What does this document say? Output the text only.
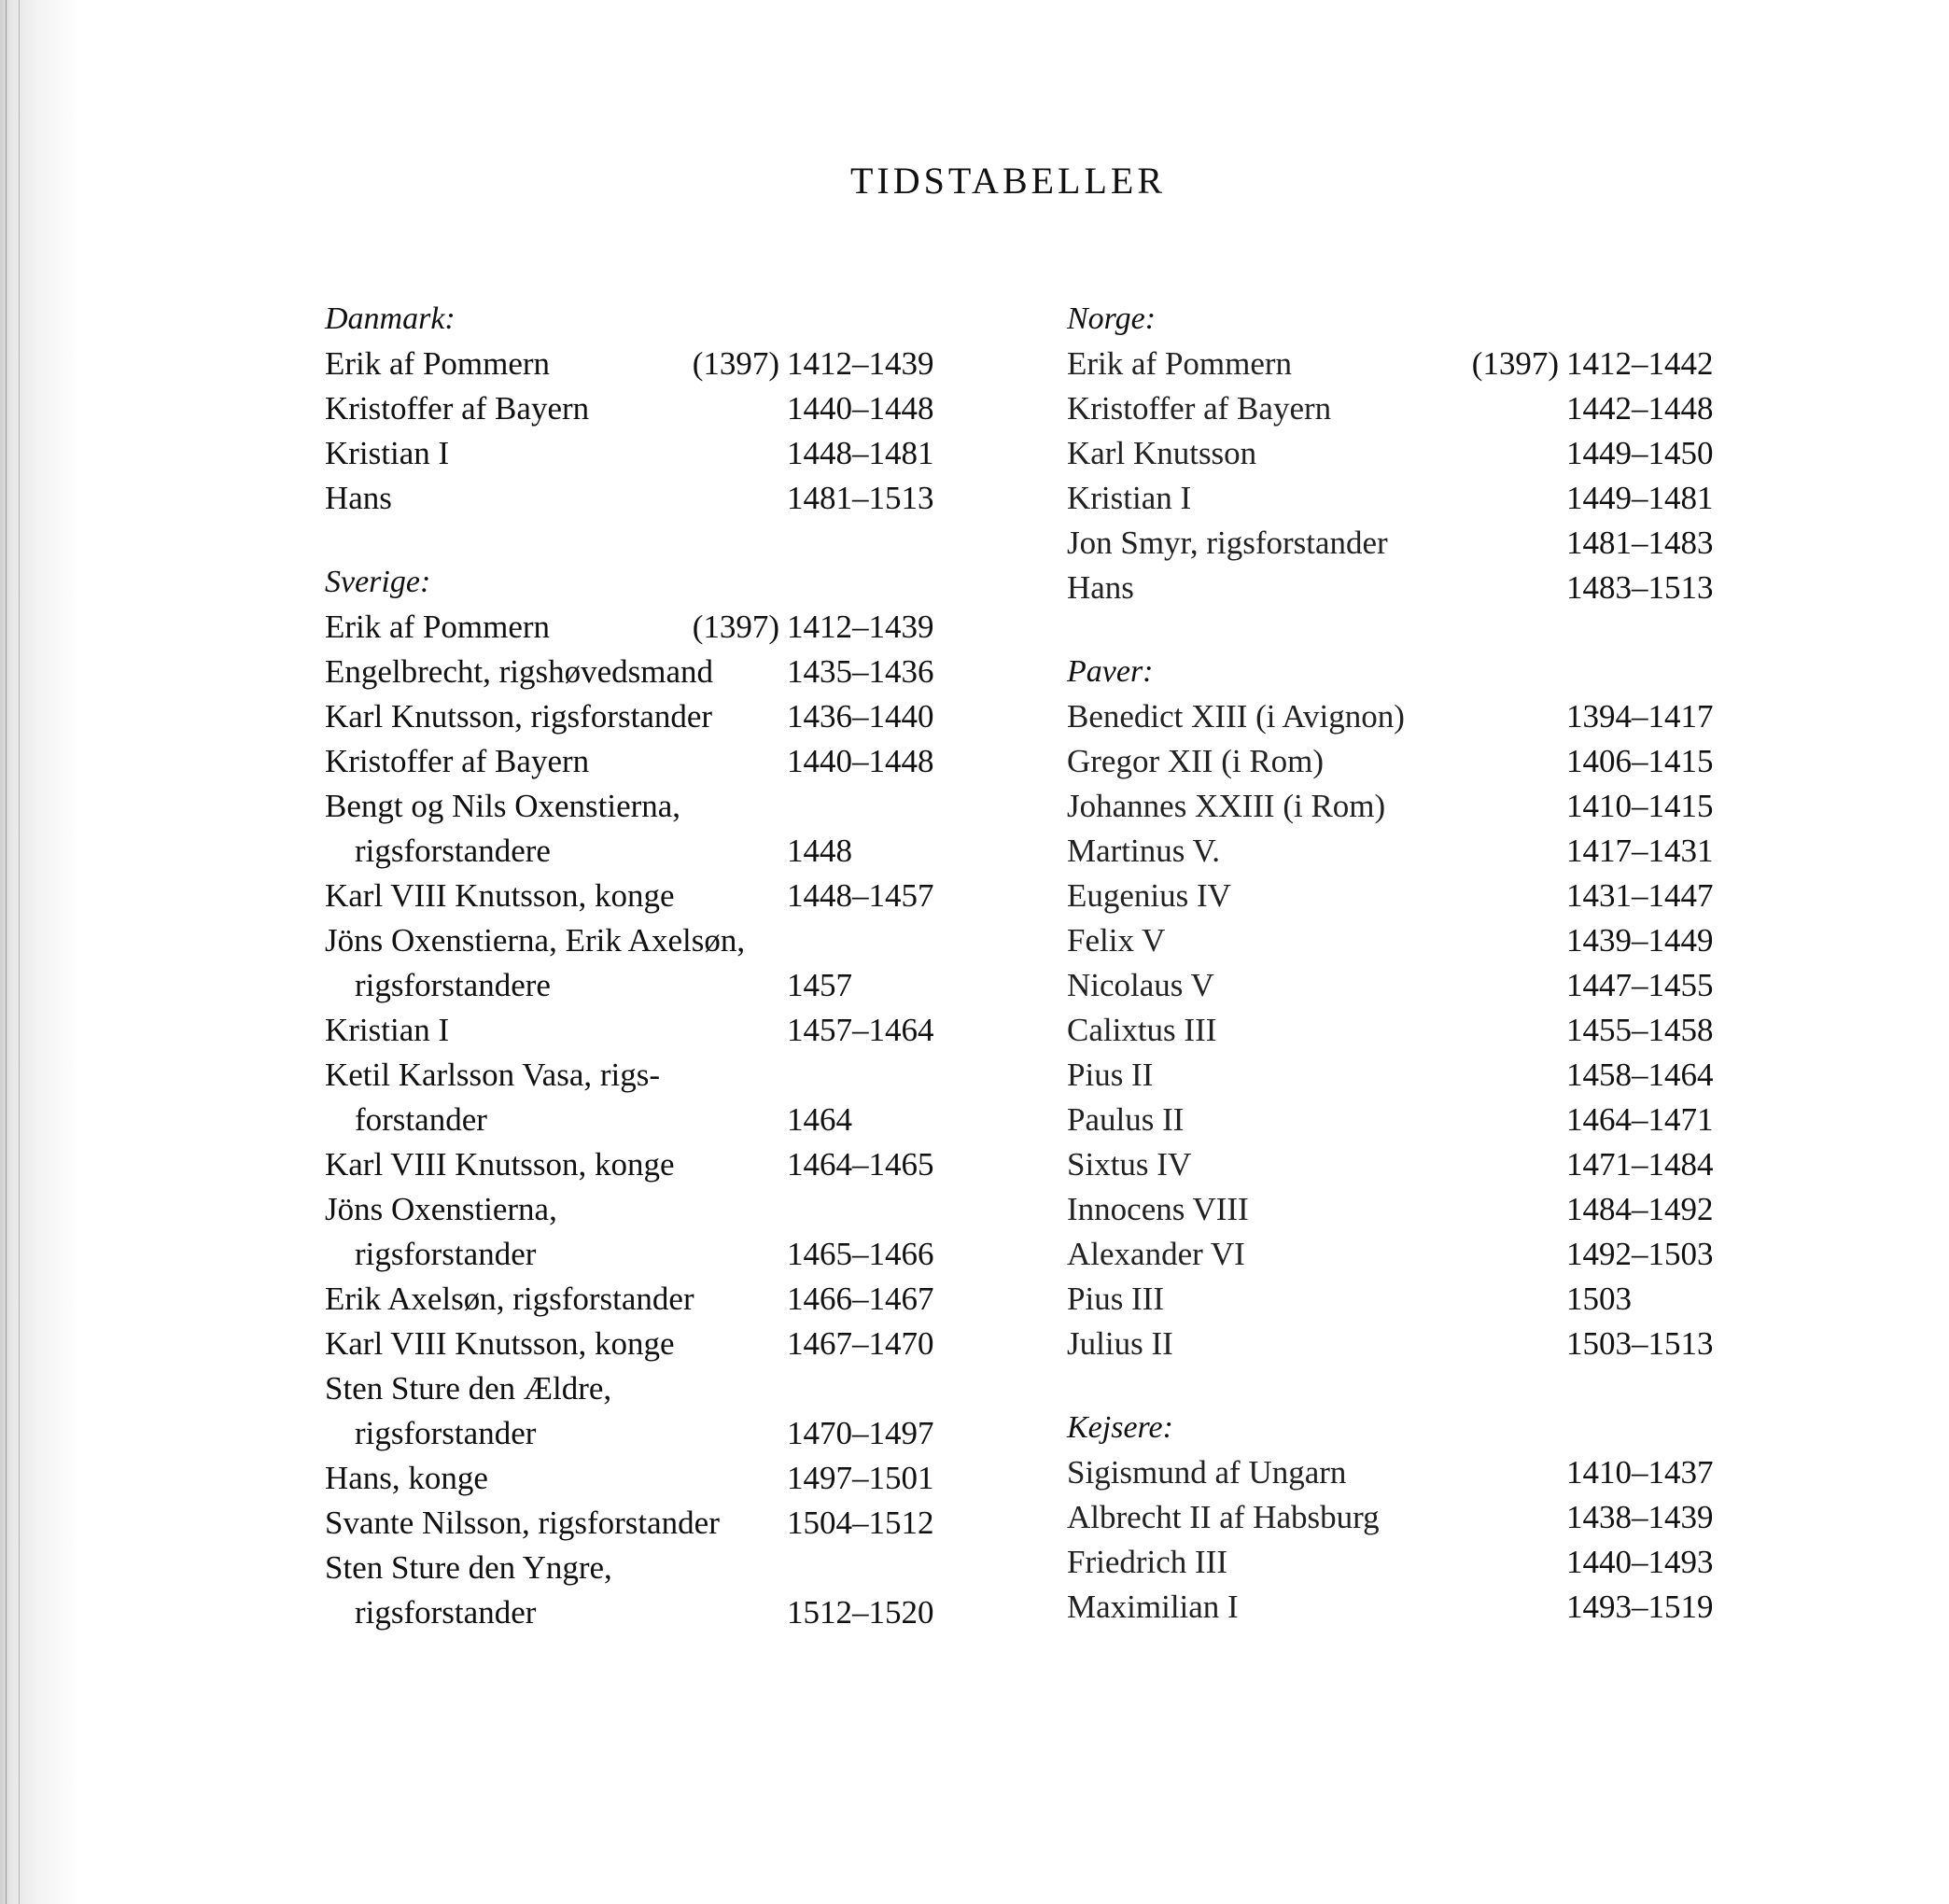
TIDSTABELLER
Danmark:
Erik af Pommern	(1397) 1412–1439
Kristoffer af Bayern	1440–1448
Kristian I	1448–1481
Hans	1481–1513
Sverige:
Erik af Pommern	(1397) 1412–1439
Engelbrecht, rigshøvedsmand	1435–1436
Karl Knutsson, rigsforstander	1436–1440
Kristoffer af Bayern	1440–1448
Bengt og Nils Oxenstierna,
rigsforstandere	1448
Karl VIII Knutsson, konge	1448–1457
Jöns Oxenstierna, Erik Axelsøn,
rigsforstandere	1457
Kristian I	1457–1464
Ketil Karlsson Vasa, rigs-
forstander	1464
Karl VIII Knutsson, konge	1464–1465
Jöns Oxenstierna,
rigsforstander	1465–1466
Erik Axelsøn, rigsforstander	1466–1467
Karl VIII Knutsson, konge	1467–1470
Sten Sture den Ældre,
rigsforstander	1470–1497
Hans, konge	1497–1501
Svante Nilsson, rigsforstander	1504–1512
Sten Sture den Yngre,
rigsforstander	1512–1520
Norge:
Erik af Pommern	(1397) 1412–1442
Kristoffer af Bayern	1442–1448
Karl Knutsson	1449–1450
Kristian I	1449–1481
Jon Smyr, rigsforstander	1481–1483
Hans	1483–1513
Paver:
Benedict XIII (i Avignon)	1394–1417
Gregor XII (i Rom)	1406–1415
Johannes XXIII (i Rom)	1410–1415
Martinus V.	1417–1431
Eugenius IV	1431–1447
Felix V	1439–1449
Nicolaus V	1447–1455
Calixtus III	1455–1458
Pius II	1458–1464
Paulus II	1464–1471
Sixtus IV	1471–1484
Innocens VIII	1484–1492
Alexander VI	1492–1503
Pius III	1503
Julius II	1503–1513
Kejsere:
Sigismund af Ungarn	1410–1437
Albrecht II af Habsburg	1438–1439
Friedrich III	1440–1493
Maximilian I	1493–1519
